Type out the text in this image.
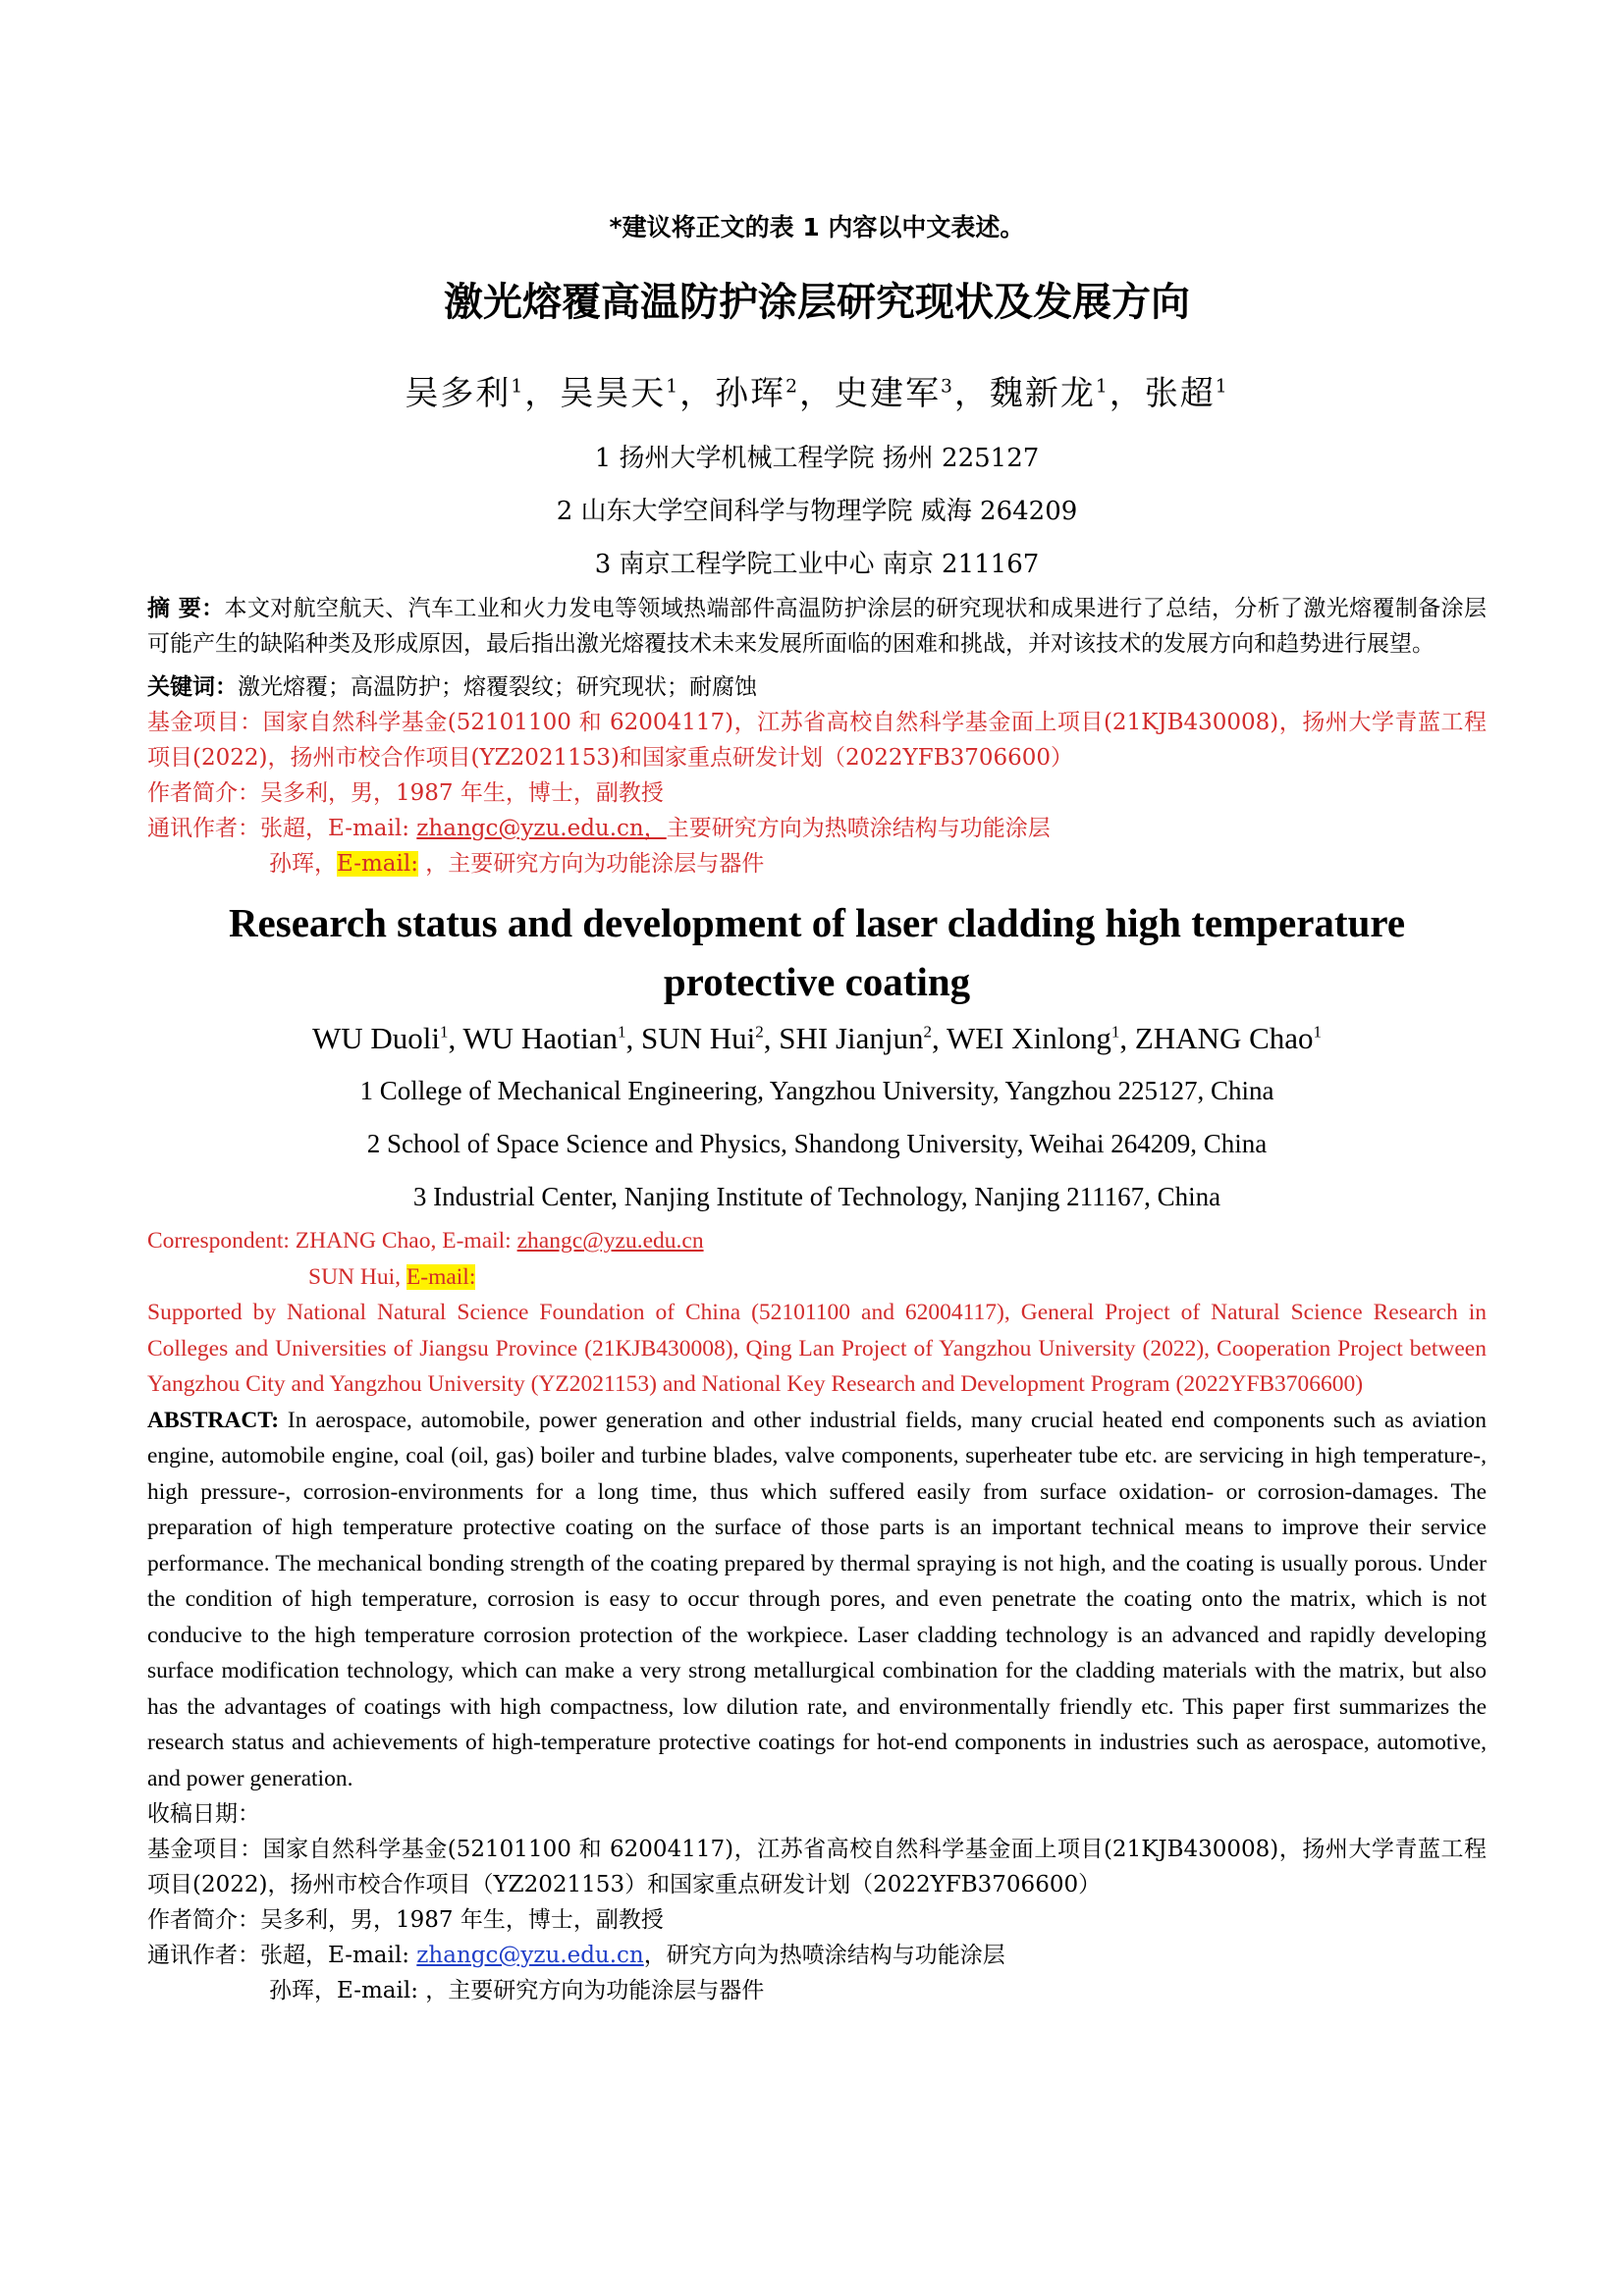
*建议将正文的表 1 内容以中文表述。

激光熔覆高温防护涂层研究现状及发展方向

吴多利$^1$，吴昊天$^1$，孙珲$^2$，史建军$^3$，魏新龙$^1$，张超$^1$

1 扬州大学机械工程学院 扬州 225127

2 山东大学空间科学与物理学院 威海 264209

3 南京工程学院工业中心 南京 211167

摘 要：本文对航空航天、汽车工业和火力发电等领域热端部件高温防护涂层的研究现状和成果进行了总结，分析了激光熔覆制备涂层可能产生的缺陷种类及形成原因，最后指出激光熔覆技术未来发展所面临的困难和挑战，并对该技术的发展方向和趋势进行展望。

关键词：激光熔覆；高温防护；熔覆裂纹；研究现状；耐腐蚀

基金项目：国家自然科学基金(52101100 和 62004117)，江苏省高校自然科学基金面上项目(21KJB430008)，扬州大学青蓝工程项目(2022)，扬州市校合作项目(YZ2021153)和国家重点研发计划（2022YFB3706600）

作者简介：吴多利，男，1987 年生，博士，副教授

通讯作者：张超，E-mail: zhangc@yzu.edu.cn，主要研究方向为热喷涂结构与功能涂层

孙珲，E-mail: ，主要研究方向为功能涂层与器件

Research status and development of laser cladding high temperature
protective coating

WU Duoli$^1$, WU Haotian$^1$, SUN Hui$^2$, SHI Jianjun$^2$, WEI Xinlong$^1$, ZHANG Chao$^1$

1 College of Mechanical Engineering, Yangzhou University, Yangzhou 225127, China

2 School of Space Science and Physics, Shandong University, Weihai 264209, China

3 Industrial Center, Nanjing Institute of Technology, Nanjing 211167, China

Correspondent: ZHANG Chao, E-mail: zhangc@yzu.edu.cn

SUN Hui, E-mail:

Supported by National Natural Science Foundation of China (52101100 and 62004117), General Project of Natural Science Research in Colleges and Universities of Jiangsu Province (21KJB430008), Qing Lan Project of Yangzhou University (2022), Cooperation Project between Yangzhou City and Yangzhou University (YZ2021153) and National Key Research and Development Program (2022YFB3706600)

ABSTRACT: In aerospace, automobile, power generation and other industrial fields, many crucial heated end components such as aviation engine, automobile engine, coal (oil, gas) boiler and turbine blades, valve components, superheater tube etc. are servicing in high temperature-, high pressure-, corrosion-environments for a long time, thus which suffered easily from surface oxidation- or corrosion-damages. The preparation of high temperature protective coating on the surface of those parts is an important technical means to improve their service performance. The mechanical bonding strength of the coating prepared by thermal spraying is not high, and the coating is usually porous. Under the condition of high temperature, corrosion is easy to occur through pores, and even penetrate the coating onto the matrix, which is not conducive to the high temperature corrosion protection of the workpiece. Laser cladding technology is an advanced and rapidly developing surface modification technology, which can make a very strong metallurgical combination for the cladding materials with the matrix, but also has the advantages of coatings with high compactness, low dilution rate, and environmentally friendly etc. This paper first summarizes the research status and achievements of high-temperature protective coatings for hot-end components in industries such as aerospace, automotive, and power generation.

收稿日期：

基金项目：国家自然科学基金(52101100 和 62004117)，江苏省高校自然科学基金面上项目(21KJB430008)，扬州大学青蓝工程项目(2022)，扬州市校合作项目（YZ2021153）和国家重点研发计划（2022YFB3706600）

作者简介：吴多利，男，1987 年生，博士，副教授

通讯作者：张超，E-mail: zhangc@yzu.edu.cn，研究方向为热喷涂结构与功能涂层

孙珲，E-mail: ，主要研究方向为功能涂层与器件
